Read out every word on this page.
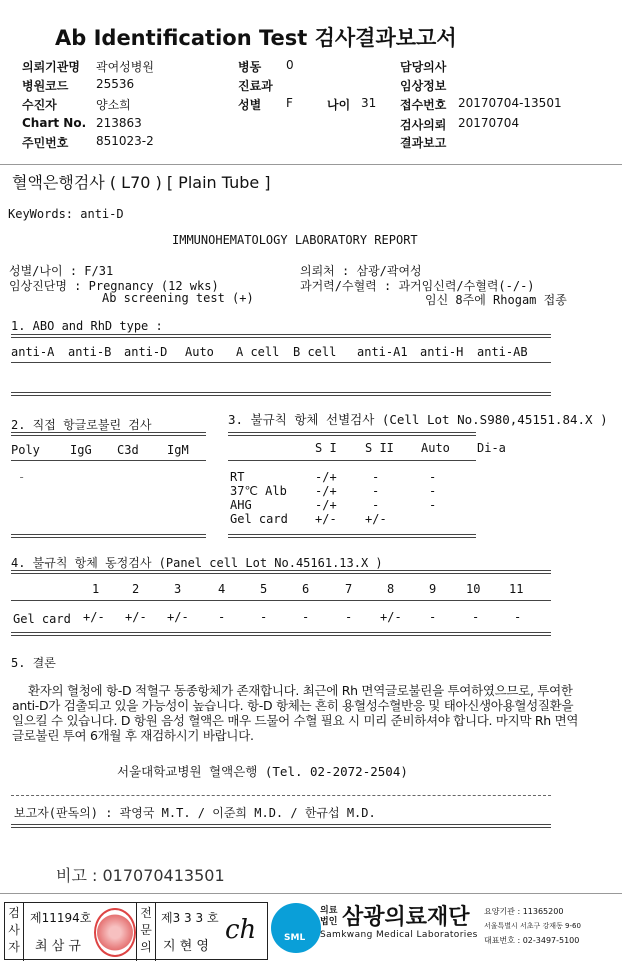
Ab Identification Test 검사결과보고서
의뢰기관명 곽여성병원
병원코드 25536
수진자	양소희
Chart No. 213863
주민번호 851023-2
병동 0
진료과
성별 F	나이 31
담당의사
임상정보
접수번호 20170704-13501
검사의뢰 20170704
결과보고
혈액은행검사 ( L70 ) [ Plain Tube ]
KeyWords: anti-D
IMMUNOHEMATOLOGY LABORATORY REPORT
성별/나이 : F/31
임상진단명 : Pregnancy (12 wks)
Ab screening test (+)
의뢰처 : 삼광/곽여성
과거력/수혈력 : 과거임신력/수혈력(-/-)
임신 8주에 Rhogam 접종
1. ABO and RhD type :
anti-A anti-B anti-D Auto A cell B cell anti-A1 anti-H anti-AB
2. 직접 항글로불린 검사
Poly	IgG C3d IgM
-
3. 불규칙 항체 선별검사 (Cell Lot No.S980,45151.84.X )
S I S II Auto Di-a
RT	-/+	-	-
37℃ Alb -/+	-	-
AHG	-/+	-	-
Gel card +/- +/-
4. 불규칙 항체 동정검사 (Panel cell Lot No.45161.13.X )
1	2	3	4	5	6	7	8	9 10 11
Gel card +/- +/- +/- -	-	-	- +/- -	-	-
5. 결론
환자의 혈청에 항-D 적혈구 동종항체가 존재합니다. 최근에 Rh 면역글로불린을 투여하였으므로, 투여한 anti-D가 검출되고 있을 가능성이 높습니다. 항-D 항체는 흔히 용혈성수혈반응 및 태아신생아용혈성질환을 일으킬 수 있습니다. D 항원 음성 혈액은 매우 드물어 수혈 필요 시 미리 준비하셔야 합니다. 마지막 Rh 면역글로불린 투여 6개월 후 재검하시기 바랍니다.
서울대학교병원 혈액은행 (Tel. 02-2072-2504)
보고자(판독의) : 곽영국 M.T. / 이준희 M.D. / 한규섭 M.D.
비고 : 017070413501
검사자
제11194호
최 삼 규
전문의
제3 3 3 호
지 현 영
ch	SML
의료법인 삼광의료재단
Samkwang Medical Laboratories
요양기관 : 11365200
서울특별시 서초구 강재동 9-60
대표번호 : 02-3497-5100
